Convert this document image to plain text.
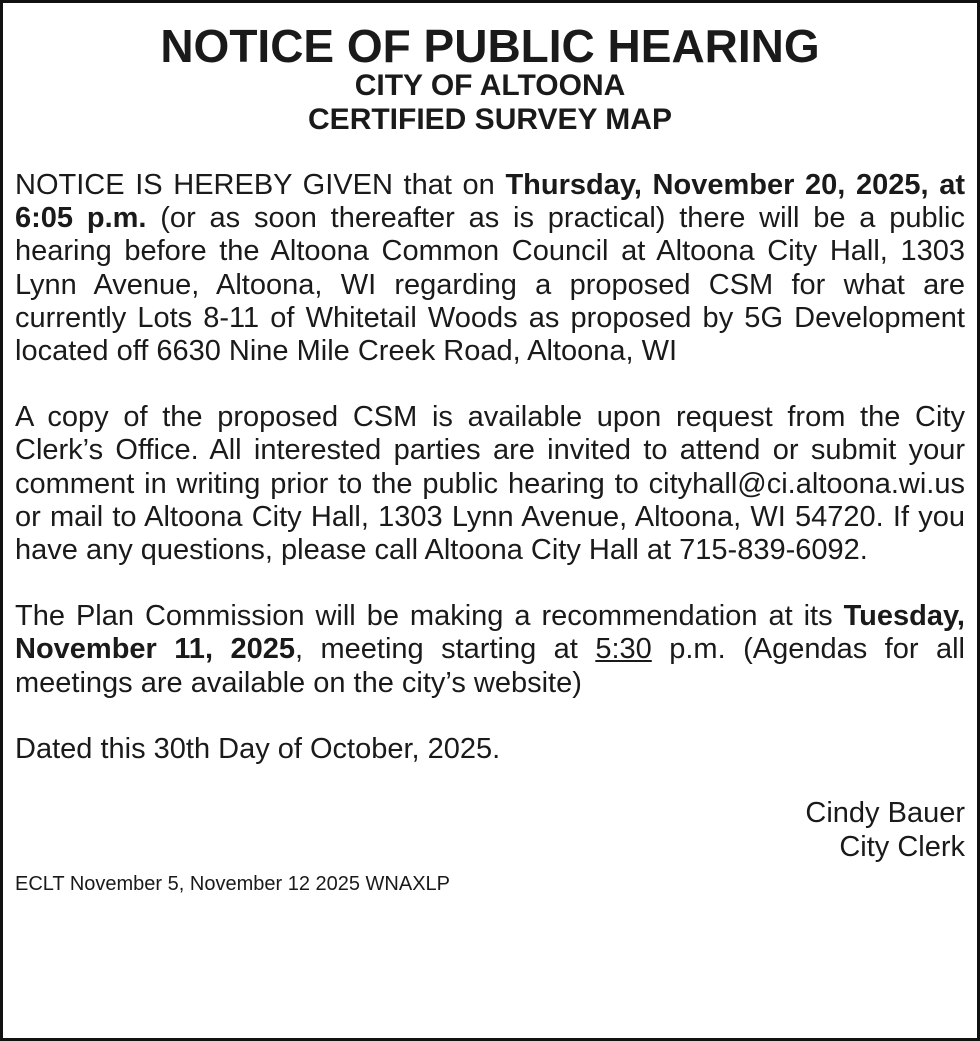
NOTICE OF PUBLIC HEARING
CITY OF ALTOONA
CERTIFIED SURVEY MAP

NOTICE IS HEREBY GIVEN that on Thursday, November 20, 2025, at 6:05 p.m. (or as soon thereafter as is practical) there will be a public hearing before the Altoona Common Council at Altoona City Hall, 1303 Lynn Avenue, Altoona, WI regarding a proposed CSM for what are currently Lots 8-11 of Whitetail Woods as proposed by 5G Development located off 6630 Nine Mile Creek Road, Altoona, WI

A copy of the proposed CSM is available upon request from the City Clerk’s Office. All interested parties are invited to attend or submit your comment in writing prior to the public hearing to cityhall@ci.altoona.wi.us or mail to Altoona City Hall, 1303 Lynn Avenue, Altoona, WI 54720. If you have any questions, please call Altoona City Hall at 715-839-6092.

The Plan Commission will be making a recommendation at its Tuesday, November 11, 2025, meeting starting at 5:30 p.m. (Agendas for all meetings are available on the city’s website)

Dated this 30th Day of October, 2025.

Cindy Bauer
City Clerk
ECLT November 5, November 12 2025 WNAXLP
